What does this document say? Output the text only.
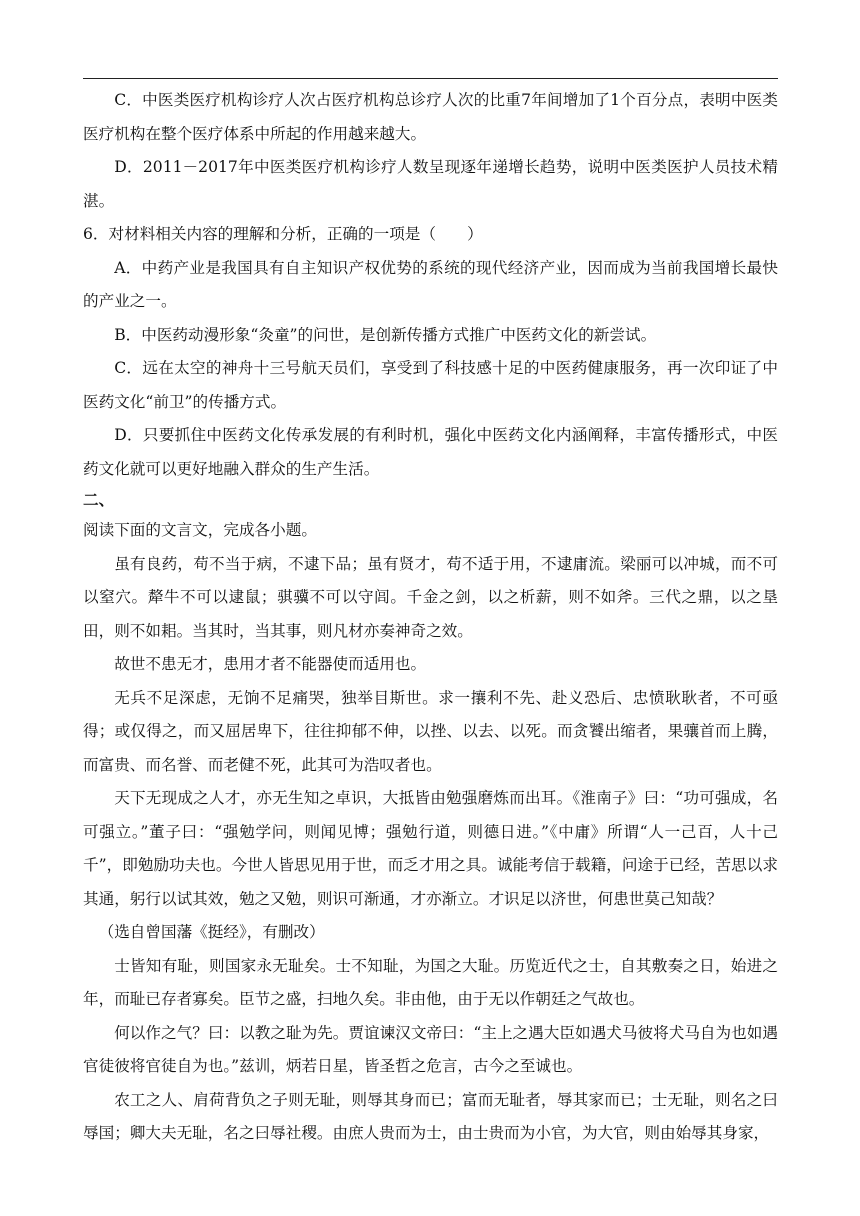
C．中医类医疗机构诊疗人次占医疗机构总诊疗人次的比重7年间增加了1个百分点，表明中医类医疗机构在整个医疗体系中所起的作用越来越大。

D．2011－2017年中医类医疗机构诊疗人数呈现逐年递增长趋势，说明中医类医护人员技术精湛。

6．对材料相关内容的理解和分析，正确的一项是（　　）

A．中药产业是我国具有自主知识产权优势的系统的现代经济产业，因而成为当前我国增长最快的产业之一。

B．中医药动漫形象“灸童”的问世，是创新传播方式推广中医药文化的新尝试。

C．远在太空的神舟十三号航天员们，享受到了科技感十足的中医药健康服务，再一次印证了中医药文化“前卫”的传播方式。

D．只要抓住中医药文化传承发展的有利时机，强化中医药文化内涵阐释，丰富传播形式，中医药文化就可以更好地融入群众的生产生活。

二、

阅读下面的文言文，完成各小题。

虽有良药，苟不当于病，不逮下品；虽有贤才，苟不适于用，不逮庸流。梁丽可以冲城，而不可以窒穴。犛牛不可以逮鼠；骐骥不可以守闾。千金之剑，以之析薪，则不如斧。三代之鼎，以之垦田，则不如耜。当其时，当其事，则凡材亦奏神奇之效。

故世不患无才，患用才者不能器使而适用也。

无兵不足深虑，无饷不足痛哭，独举目斯世。求一攘利不先、赴义恐后、忠愤耿耿者，不可亟得；或仅得之，而又屈居卑下，往往抑郁不伸，以挫、以去、以死。而贪饕出缩者，果骧首而上腾，而富贵、而名誉、而老健不死，此其可为浩叹者也。

天下无现成之人才，亦无生知之卓识，大抵皆由勉强磨炼而出耳。《淮南子》曰：“功可强成，名可强立。”董子曰：“强勉学问，则闻见博；强勉行道，则德日进。”《中庸》所谓“人一己百，人十己千”，即勉励功夫也。今世人皆思见用于世，而乏才用之具。诚能考信于载籍，问途于已经，苦思以求其通，躬行以试其效，勉之又勉，则识可渐通，才亦渐立。才识足以济世，何患世莫己知哉？

（选自曾国藩《挺经》，有删改）

士皆知有耻，则国家永无耻矣。士不知耻，为国之大耻。历览近代之士，自其敷奏之日，始进之年，而耻已存者寡矣。臣节之盛，扫地久矣。非由他，由于无以作朝廷之气故也。

何以作之气？曰：以教之耻为先。贾谊谏汉文帝曰：“主上之遇大臣如遇犬马彼将犬马自为也如遇官徒彼将官徒自为也。”兹训，炳若日星，皆圣哲之危言，古今之至诚也。

农工之人、肩荷背负之子则无耻，则辱其身而已；富而无耻者，辱其家而已；士无耻，则名之曰辱国；卿大夫无耻，名之曰辱社稷。由庶人贵而为士，由士贵而为小官，为大官，则由始辱其身家，
